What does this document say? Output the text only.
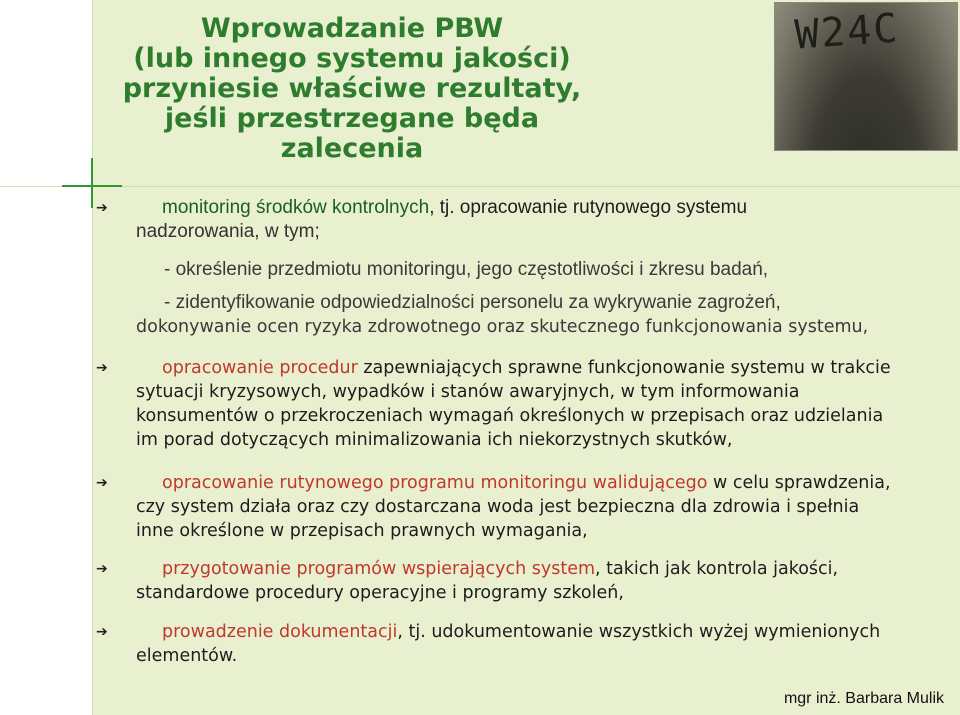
Wprowadzanie PBW
(lub innego systemu jakości)
przyniesie właściwe rezultaty,
jeśli przestrzegane będa
zalecenia
W24C
➔	monitoring środków kontrolnych, tj. opracowanie rutynowego systemu
nadzorowania, w tym;
- określenie przedmiotu monitoringu, jego częstotliwości i zkresu badań,
- zidentyfikowanie odpowiedzialności personelu za wykrywanie zagrożeń,
dokonywanie ocen ryzyka zdrowotnego oraz skutecznego funkcjonowania systemu,
➔	opracowanie procedur zapewniających sprawne funkcjonowanie systemu w trakcie
sytuacji kryzysowych, wypadków i stanów awaryjnych, w tym informowania
konsumentów o przekroczeniach wymagań określonych w przepisach oraz udzielania
im porad dotyczących minimalizowania ich niekorzystnych skutków,
➔	opracowanie rutynowego programu monitoringu walidującego w celu sprawdzenia,
czy system działa oraz czy dostarczana woda jest bezpieczna dla zdrowia i spełnia
inne określone w przepisach prawnych wymagania,
➔	przygotowanie programów wspierających system, takich jak kontrola jakości,
standardowe procedury operacyjne i programy szkoleń,
➔	prowadzenie dokumentacji, tj. udokumentowanie wszystkich wyżej wymienionych
elementów.
mgr inż. Barbara Mulik
